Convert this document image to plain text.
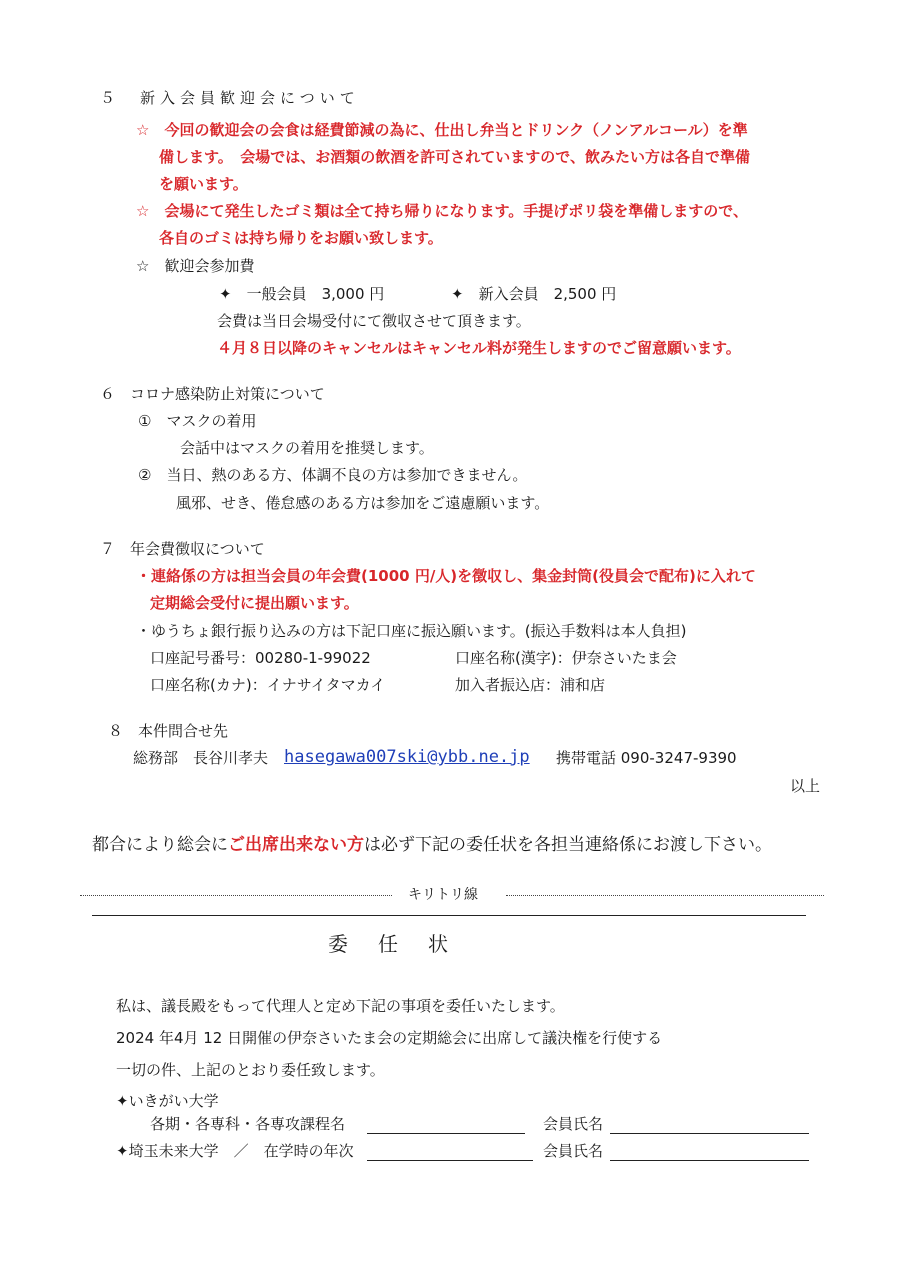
５　新入会員歓迎会について
☆　今回の歓迎会の会食は経費節減の為に、仕出し弁当とドリンク（ノンアルコール）を準
備します。　会場では、お酒類の飲酒を許可されていますので、飲みたい方は各自で準備
を願います。
☆　会場にて発生したゴミ類は全て持ち帰りになります。手提げポリ袋を準備しますので、
各自のゴミは持ち帰りをお願い致します。
☆　歓迎会参加費
✦　一般会員　3,000 円	✦　新入会員　2,500 円
会費は当日会場受付にて徴収させて頂きます。
４月８日以降のキャンセルはキャンセル料が発生しますのでご留意願います。
６　コロナ感染防止対策について
①　マスクの着用
会話中はマスクの着用を推奨します。
②　当日、熱のある方、体調不良の方は参加できません。
風邪、せき、倦怠感のある方は参加をご遠慮願います。
７　年会費徴収について
・連絡係の方は担当会員の年会費(1000 円/人)を徴収し、集金封筒(役員会で配布)に入れて
定期総会受付に提出願います。
・ゆうちょ銀行振り込みの方は下記口座に振込願います。(振込手数料は本人負担)
口座記号番号：00280-1-99022	口座名称(漢字)：伊奈さいたま会
口座名称(カナ)：イナサイタマカイ	加入者振込店：浦和店
８　本件問合せ先
総務部　長谷川孝夫 hasegawa007ski@ybb.ne.jp 携帯電話 090-3247-9390
以上
都合により総会にご出席出来ない方は必ず下記の委任状を各担当連絡係にお渡し下さい。
キリトリ線
委任状
私は、議長殿をもって代理人と定め下記の事項を委任いたします。
2024 年4月 12 日開催の伊奈さいたま会の定期総会に出席して議決権を行使する
一切の件、上記のとおり委任致します。
✦いきがい大学
各期・各専科・各専攻課程名	会員氏名
✦埼玉未来大学　／　在学時の年次	会員氏名
